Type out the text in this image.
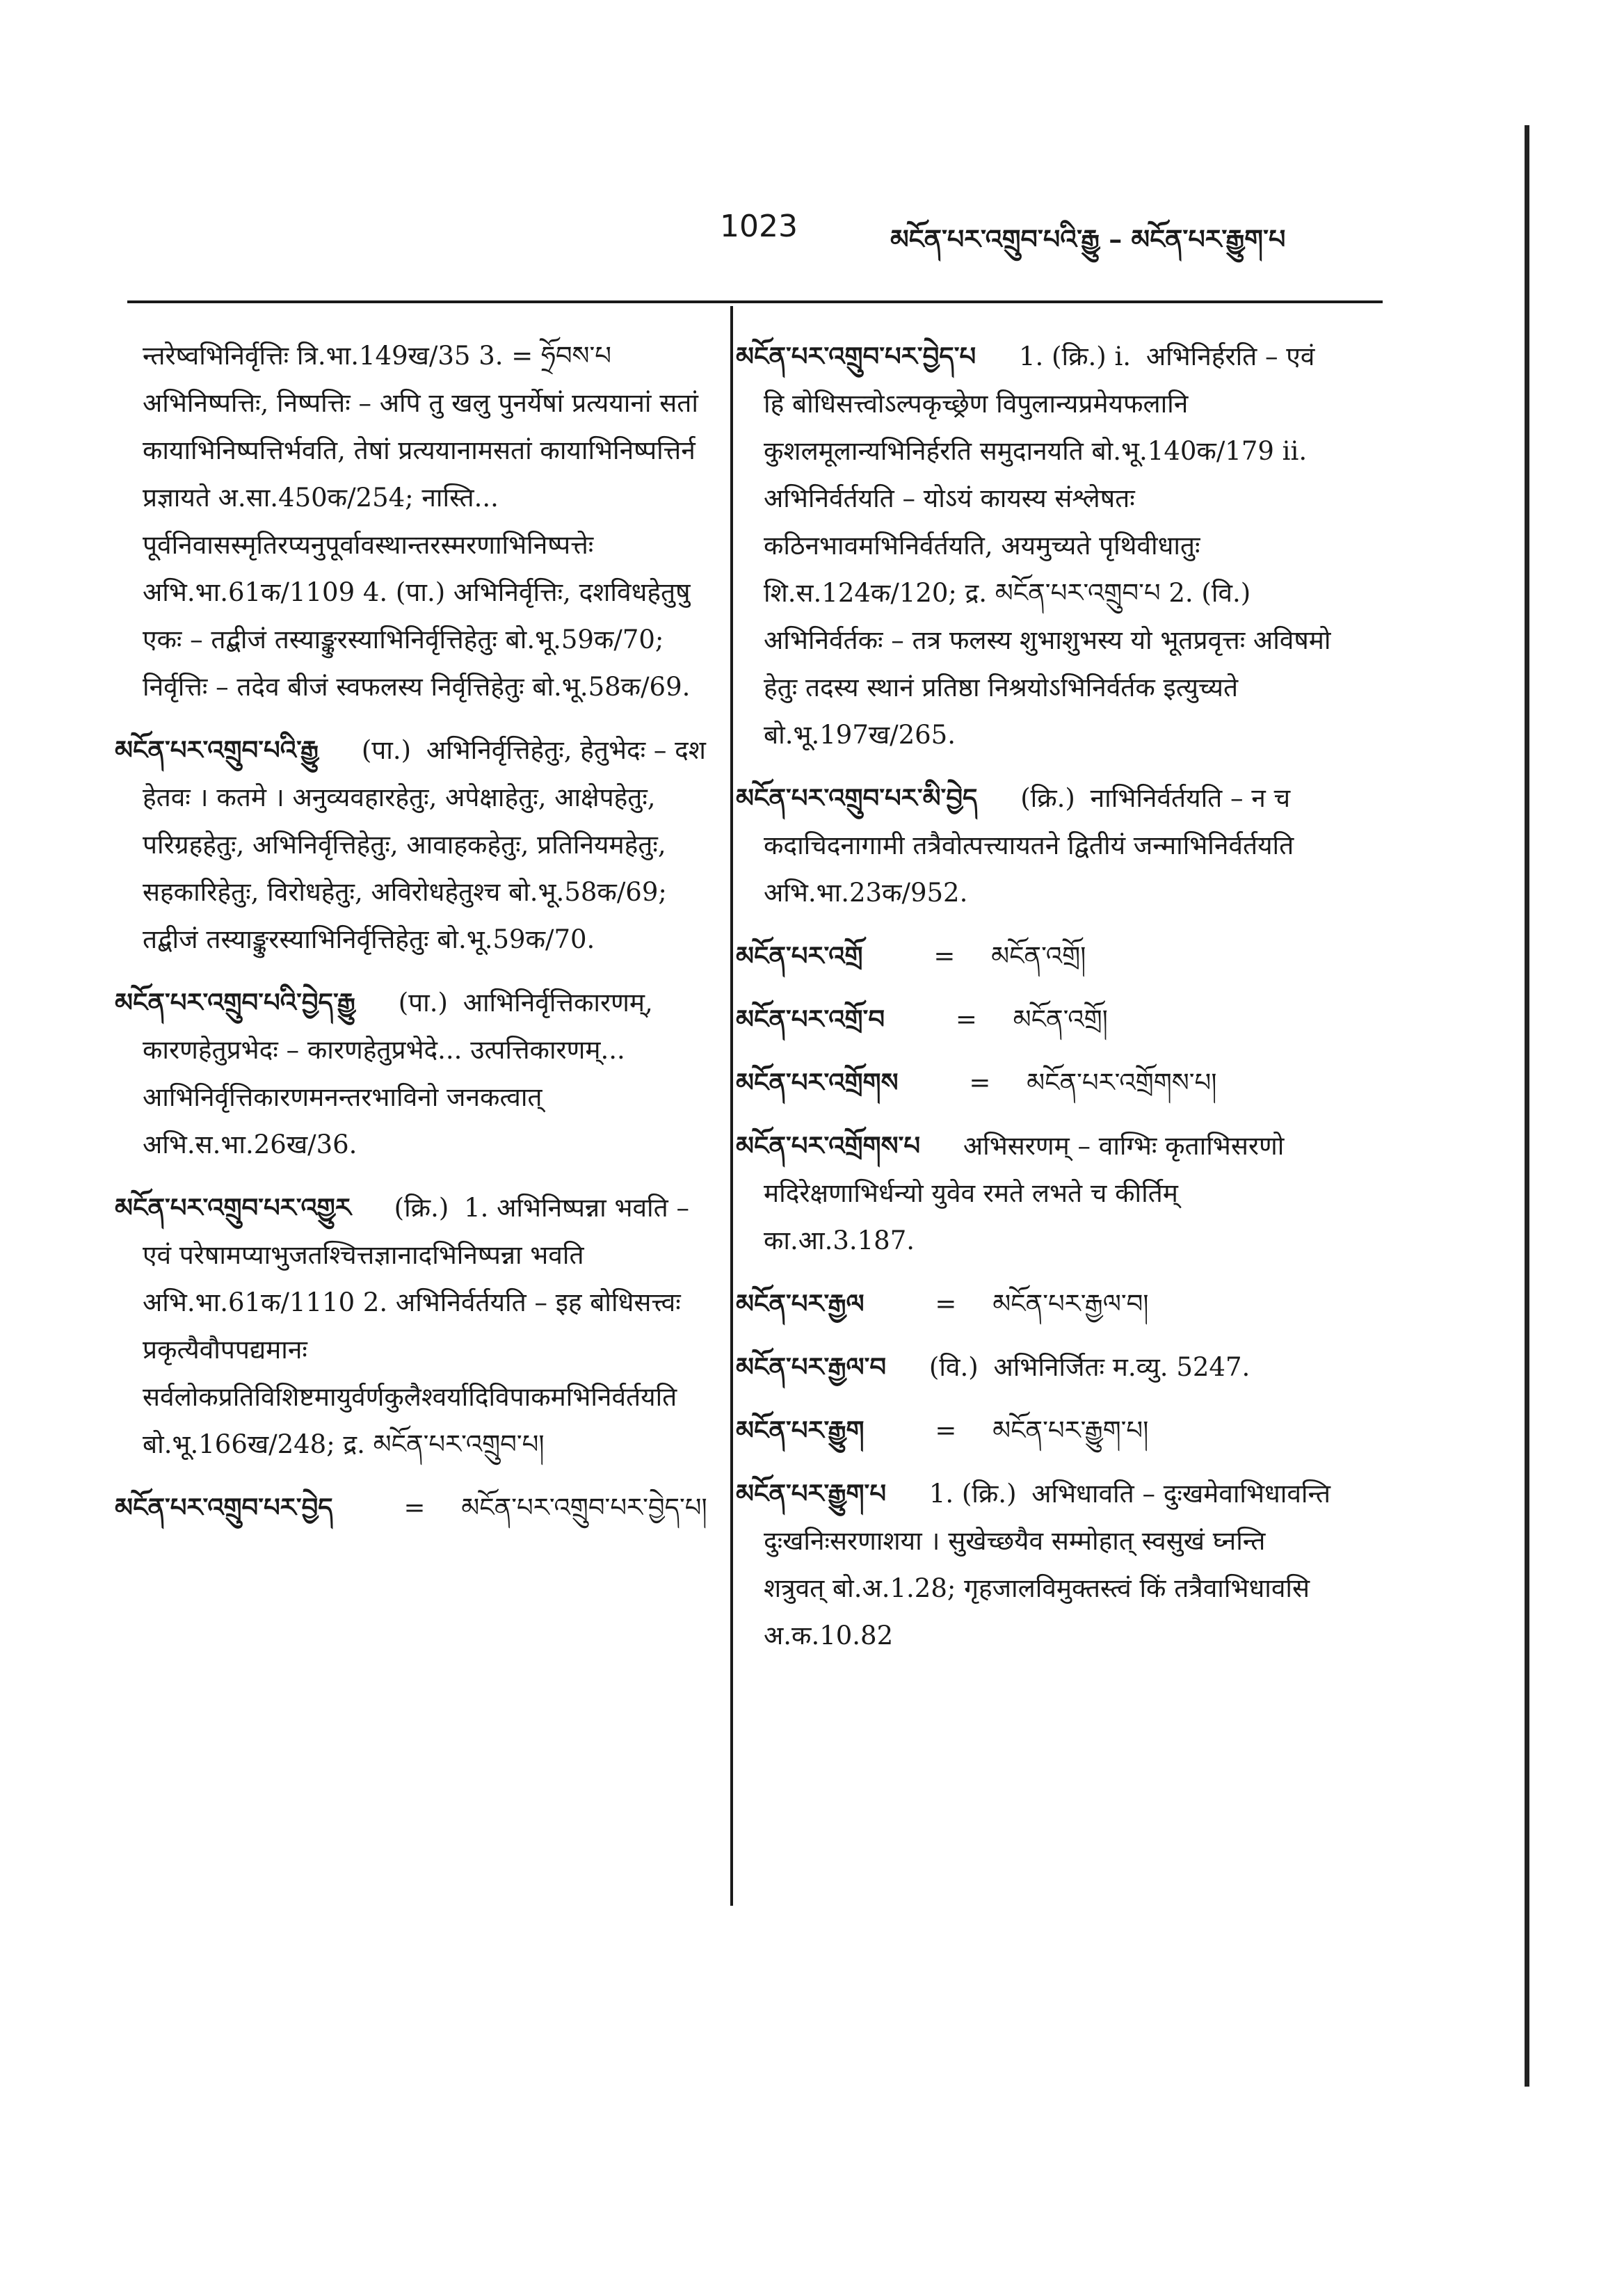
1023	མངོན་པར་འགྲུབ་པའི་རྒྱུ – མངོན་པར་རྒྱུག་པ
न्तरेष्वभिनिर्वृत्तिः त्रि.भा.149ख/35 3. = ཧྲོབས་པ अभिनिष्पत्तिः, निष्पत्तिः – अपि तु खलु पुनर्येषां प्रत्ययानां सतां कायाभिनिष्पत्तिर्भवति, तेषां प्रत्ययानामसतां कायाभिनिष्पत्तिर्न प्रज्ञायते अ.सा.450क/254; नास्ति... पूर्वनिवासस्मृतिरप्यनुपूर्वावस्थान्तरस्मरणाभिनिष्पत्तेः अभि.भा.61क/1109 4. (पा.) अभिनिर्वृत्तिः, दशविधहेतुषु एकः – तद्बीजं तस्याङ्कुरस्याभिनिर्वृत्तिहेतुः बो.भू.59क/70; निर्वृत्तिः – तदेव बीजं स्वफलस्य निर्वृत्तिहेतुः बो.भू.58क/69.
མངོན་པར་འགྲུབ་པའི་རྒྱུ (पा.) अभिनिर्वृत्तिहेतुः, हेतुभेदः – दश हेतवः । कतमे । अनुव्यवहारहेतुः, अपेक्षाहेतुः, आक्षेपहेतुः, परिग्रहहेतुः, अभिनिर्वृत्तिहेतुः, आवाहकहेतुः, प्रतिनियमहेतुः, सहकारिहेतुः, विरोधहेतुः, अविरोधहेतुश्च बो.भू.58क/69; तद्बीजं तस्याङ्कुरस्याभिनिर्वृत्तिहेतुः बो.भू.59क/70.
མངོན་པར་འགྲུབ་པའི་བྱེད་རྒྱུ (पा.) आभिनिर्वृत्तिकारणम्, कारणहेतुप्रभेदः – कारणहेतुप्रभेदे... उत्पत्तिकारणम्... आभिनिर्वृत्तिकारणमनन्तरभाविनो जनकत्वात् अभि.स.भा.26ख/36.
མངོན་པར་འགྲུབ་པར་འགྱུར (क्रि.) 1. अभिनिष्पन्ना भवति – एवं परेषामप्याभुजतश्चित्तज्ञानादभिनिष्पन्ना भवति अभि.भा.61क/1110 2. अभिनिर्वर्तयति – इह बोधिसत्त्वः प्रकृत्यैवौपपद्यमानः सर्वलोकप्रतिविशिष्टमायुर्वर्णकुलैश्वर्यादिविपाकमभिनिर्वर्तयति बो.भू.166ख/248; द्र. མངོན་པར་འགྲུབ་པ།
མངོན་པར་འགྲུབ་པར་བྱེད	= མངོན་པར་འགྲུབ་པར་བྱེད་པ།
མངོན་པར་འགྲུབ་པར་བྱེད་པ 1. (क्रि.) i. अभिनिर्हरति – एवं हि बोधिसत्त्वोऽल्पकृच्छ्रेण विपुलान्यप्रमेयफलानि कुशलमूलान्यभिनिर्हरति समुदानयति बो.भू.140क/179 ii. अभिनिर्वर्तयति – योऽयं कायस्य संश्लेषतः कठिनभावमभिनिर्वर्तयति, अयमुच्यते पृथिवीधातुः शि.स.124क/120; द्र. མངོན་པར་འགྲུབ་པ 2. (वि.) अभिनिर्वर्तकः – तत्र फलस्य शुभाशुभस्य यो भूतप्रवृत्तः अविषमो हेतुः तदस्य स्थानं प्रतिष्ठा निश्रयोऽभिनिर्वर्तक इत्युच्यते बो.भू.197ख/265.
མངོན་པར་འགྲུབ་པར་མི་བྱེད (क्रि.) नाभिनिर्वर्तयति – न च कदाचिदनागामी तत्रैवोत्पत्त्यायतने द्वितीयं जन्माभिनिर्वर्तयति अभि.भा.23क/952.
མངོན་པར་འགྲོ	= མངོན་འགྲོ།
མངོན་པར་འགྲོ་བ	= མངོན་འགྲོ།
མངོན་པར་འགྲོགས	= མངོན་པར་འགྲོགས་པ།
མངོན་པར་འགྲོགས་པ अभिसरणम् – वाग्भिः कृताभिसरणो मदिरेक्षणाभिर्धन्यो युवेव रमते लभते च कीर्तिम् का.आ.3.187.
མངོན་པར་རྒྱལ	= མངོན་པར་རྒྱལ་བ།
མངོན་པར་རྒྱལ་བ (वि.) अभिनिर्जितः म.व्यु. 5247.
མངོན་པར་རྒྱུག	= མངོན་པར་རྒྱུག་པ།
མངོན་པར་རྒྱུག་པ 1. (क्रि.) अभिधावति – दुःखमेवाभिधावन्ति दुःखनिःसरणाशया । सुखेच्छयैव सम्मोहात् स्वसुखं घ्नन्ति शत्रुवत् बो.अ.1.28; गृहजालविमुक्तस्त्वं किं तत्रैवाभिधावसि अ.क.10.82
